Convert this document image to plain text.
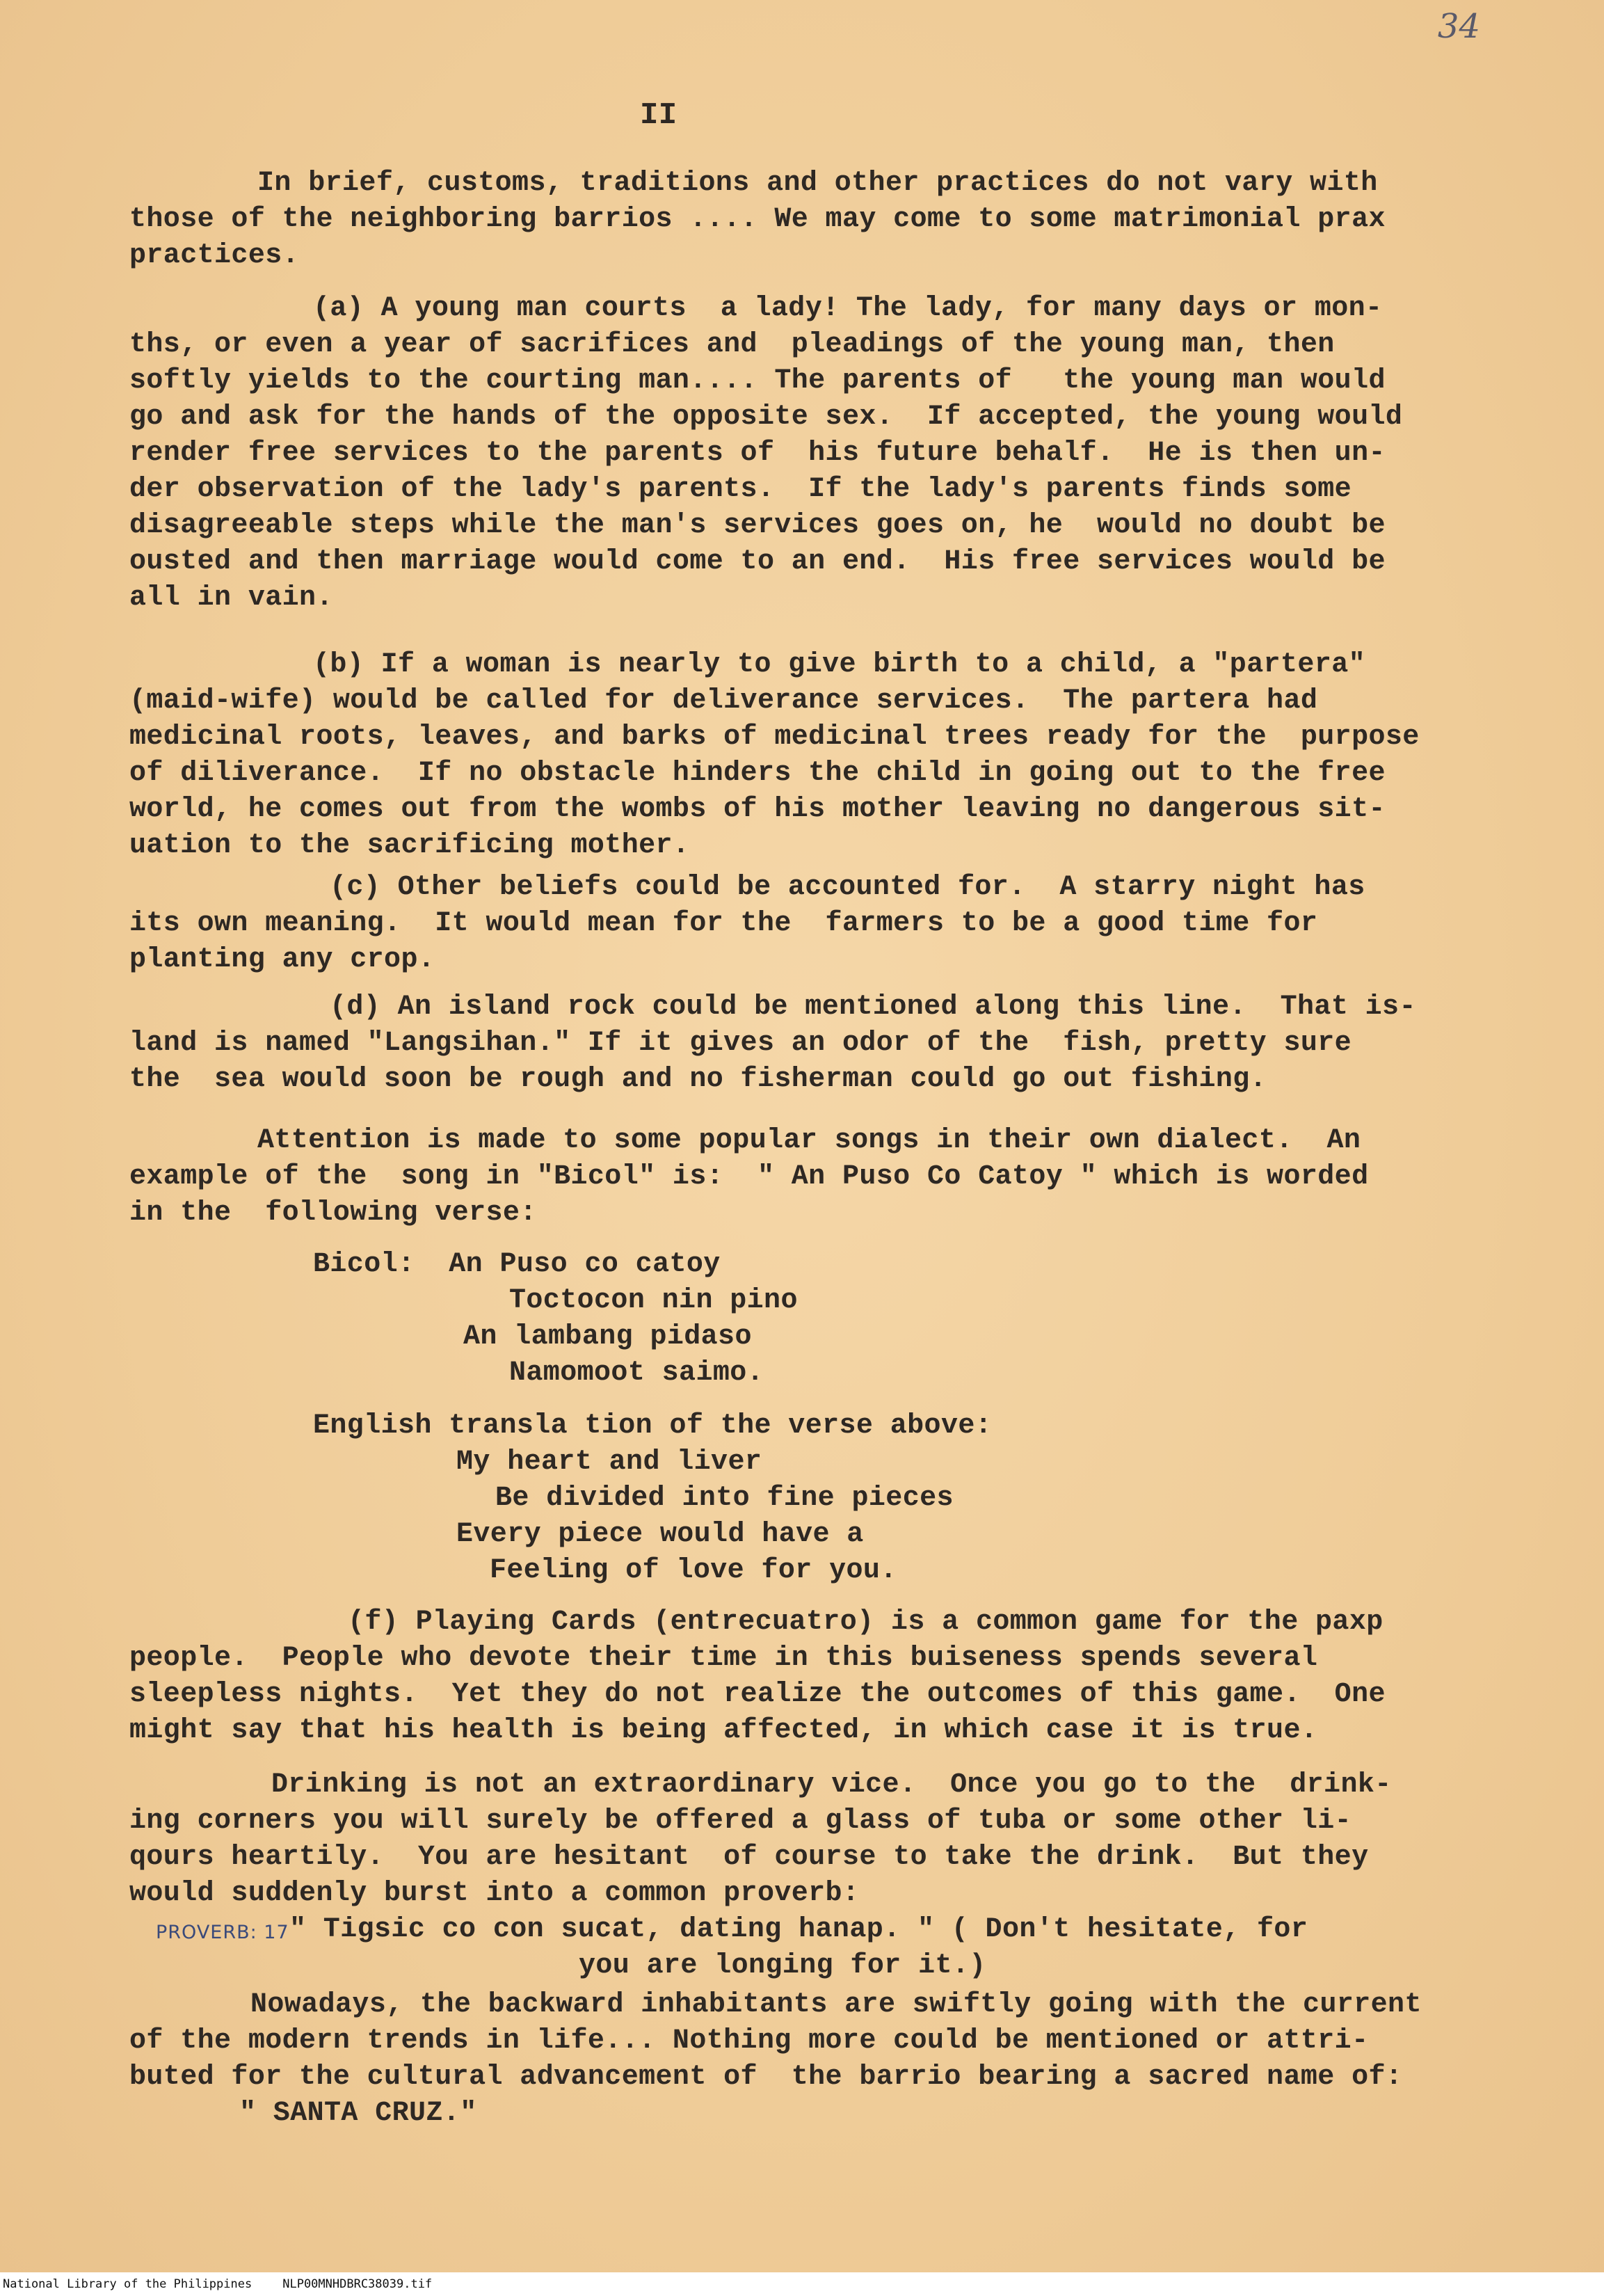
34
II
In brief, customs, traditions and other practices do not vary with
those of the neighboring barrios .... We may come to some matrimonial prax
practices.
(a) A young man courts  a lady! The lady, for many days or mon-
ths, or even a year of sacrifices and  pleadings of the young man, then
softly yields to the courting man.... The parents of   the young man would
go and ask for the hands of the opposite sex.  If accepted, the young would
render free services to the parents of  his future behalf.  He is then un-
der observation of the lady's parents.  If the lady's parents finds some
disagreeable steps while the man's services goes on, he  would no doubt be
ousted and then marriage would come to an end.  His free services would be
all in vain.
(b) If a woman is nearly to give birth to a child, a "partera"
(maid-wife) would be called for deliverance services.  The partera had
medicinal roots, leaves, and barks of medicinal trees ready for the  purpose
of diliverance.  If no obstacle hinders the child in going out to the free
world, he comes out from the wombs of his mother leaving no dangerous sit-
uation to the sacrificing mother.
(c) Other beliefs could be accounted for.  A starry night has
its own meaning.  It would mean for the  farmers to be a good time for
planting any crop.
(d) An island rock could be mentioned along this line.  That is-
land is named "Langsihan." If it gives an odor of the  fish, pretty sure
the  sea would soon be rough and no fisherman could go out fishing.
Attention is made to some popular songs in their own dialect.  An
example of the  song in "Bicol" is:  " An Puso Co Catoy " which is worded
in the  following verse:
Bicol:  An Puso co catoy
Toctocon nin pino
An lambang pidaso
Namomoot saimo.
English transla tion of the verse above:
My heart and liver
Be divided into fine pieces
Every piece would have a
Feeling of love for you.
(f) Playing Cards (entrecuatro) is a common game for the paxp
people.  People who devote their time in this buiseness spends several
sleepless nights.  Yet they do not realize the outcomes of this game.  One
might say that his health is being affected, in which case it is true.
Drinking is not an extraordinary vice.  Once you go to the  drink-
ing corners you will surely be offered a glass of tuba or some other li-
qours heartily.  You are hesitant  of course to take the drink.  But they
would suddenly burst into a common proverb:
PROVERB: 17 " Tigsic co con sucat, dating hanap. " ( Don't hesitate, for
you are longing for it.)
Nowadays, the backward inhabitants are swiftly going with the current
of the modern trends in life... Nothing more could be mentioned or attri-
buted for the cultural advancement of  the barrio bearing a sacred name of:
" SANTA CRUZ."
National Library of the Philippines	NLP00MNHDBRC38039.tif
